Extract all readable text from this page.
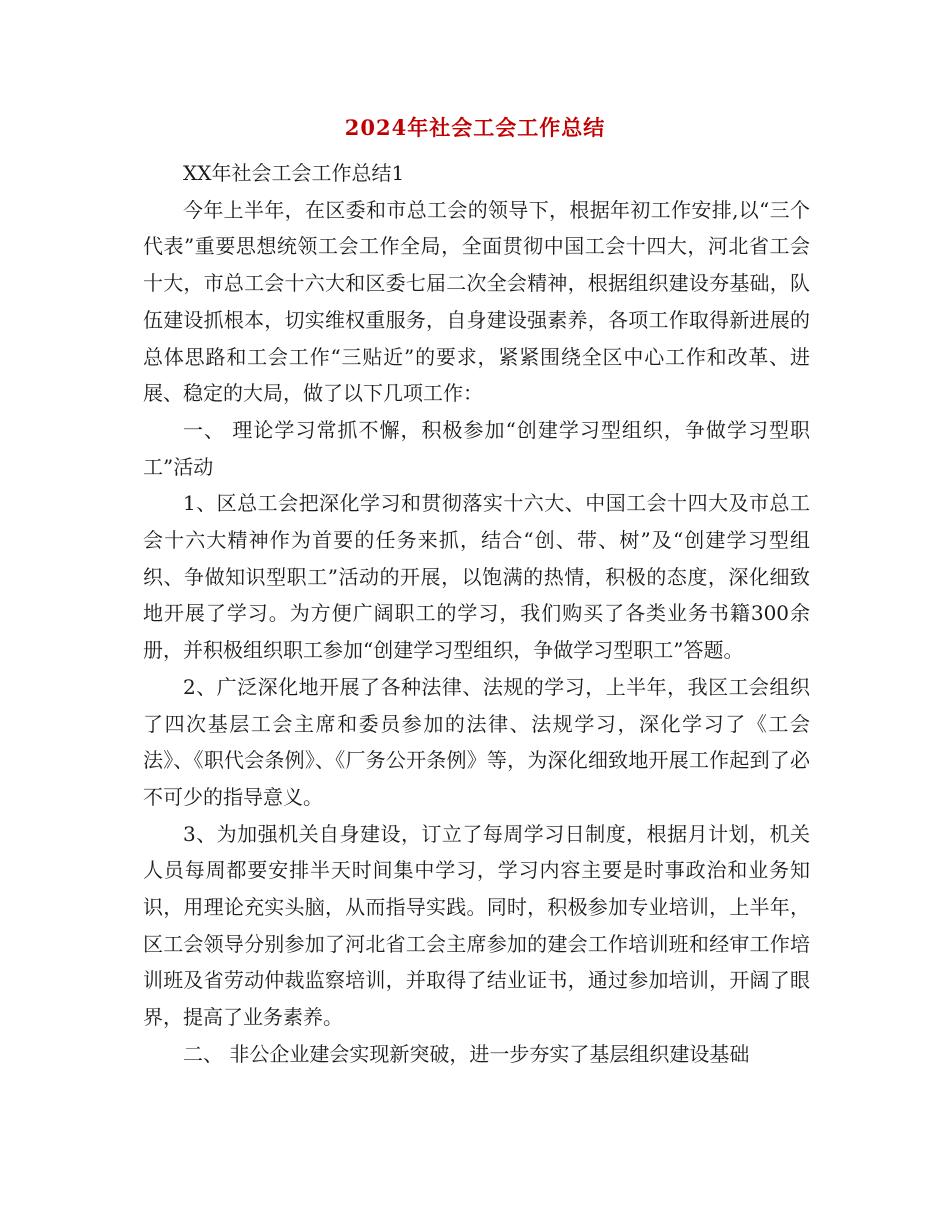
2024年社会工会工作总结

XX年社会工会工作总结1

今年上半年，在区委和市总工会的领导下，根据年初工作安排,以“三个代表”重要思想统领工会工作全局，全面贯彻中国工会十四大，河北省工会十大，市总工会十六大和区委七届二次全会精神，根据组织建设夯基础，队伍建设抓根本，切实维权重服务，自身建设强素养，各项工作取得新进展的总体思路和工会工作“三贴近”的要求，紧紧围绕全区中心工作和改革、进展、稳定的大局，做了以下几项工作：

一、 理论学习常抓不懈，积极参加“创建学习型组织，争做学习型职工”活动

1、区总工会把深化学习和贯彻落实十六大、中国工会十四大及市总工会十六大精神作为首要的任务来抓，结合“创、带、树”及“创建学习型组织、争做知识型职工”活动的开展，以饱满的热情，积极的态度，深化细致地开展了学习。为方便广阔职工的学习，我们购买了各类业务书籍300余册，并积极组织职工参加“创建学习型组织，争做学习型职工”答题。

2、广泛深化地开展了各种法律、法规的学习，上半年，我区工会组织了四次基层工会主席和委员参加的法律、法规学习，深化学习了《工会法》、《职代会条例》、《厂务公开条例》等，为深化细致地开展工作起到了必不可少的指导意义。

3、为加强机关自身建设，订立了每周学习日制度，根据月计划，机关人员每周都要安排半天时间集中学习，学习内容主要是时事政治和业务知识，用理论充实头脑，从而指导实践。同时，积极参加专业培训，上半年，区工会领导分别参加了河北省工会主席参加的建会工作培训班和经审工作培训班及省劳动仲裁监察培训，并取得了结业证书，通过参加培训，开阔了眼界，提高了业务素养。

二、 非公企业建会实现新突破，进一步夯实了基层组织建设基础
